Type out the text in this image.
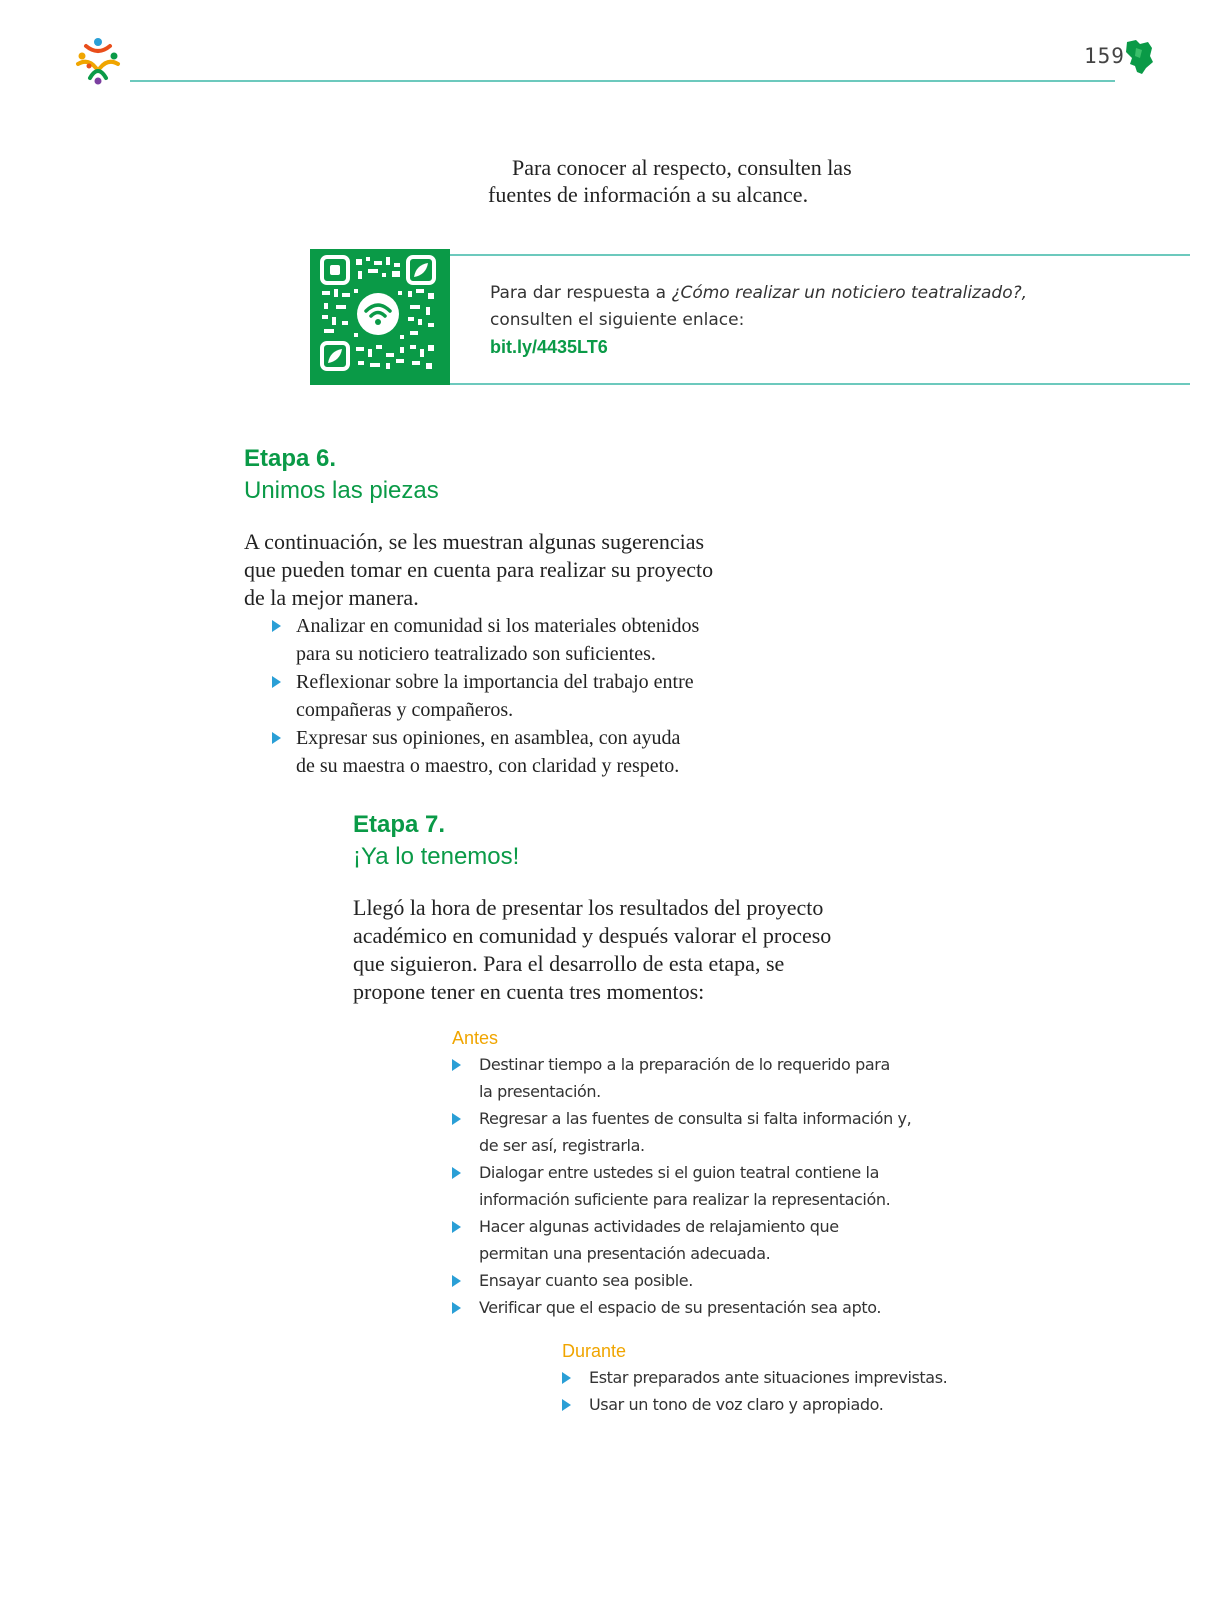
159
Para conocer al respecto, consulten las
fuentes de información a su alcance.
Para dar respuesta a ¿Cómo realizar un noticiero teatralizado?,
consulten el siguiente enlace:
bit.ly/4435LT6
Etapa 6.
Unimos las piezas
A continuación, se les muestran algunas sugerencias
que pueden tomar en cuenta para realizar su proyecto
de la mejor manera.
Analizar en comunidad si los materiales obtenidos
para su noticiero teatralizado son suficientes.
Reflexionar sobre la importancia del trabajo entre
compañeras y compañeros.
Expresar sus opiniones, en asamblea, con ayuda
de su maestra o maestro, con claridad y respeto.
Etapa 7.
¡Ya lo tenemos!
Llegó la hora de presentar los resultados del proyecto
académico en comunidad y después valorar el proceso
que siguieron. Para el desarrollo de esta etapa, se
propone tener en cuenta tres momentos:
Antes
Destinar tiempo a la preparación de lo requerido para
la presentación.
Regresar a las fuentes de consulta si falta información y,
de ser así, registrarla.
Dialogar entre ustedes si el guion teatral contiene la
información suficiente para realizar la representación.
Hacer algunas actividades de relajamiento que
permitan una presentación adecuada.
Ensayar cuanto sea posible.
Verificar que el espacio de su presentación sea apto.
Durante
Estar preparados ante situaciones imprevistas.
Usar un tono de voz claro y apropiado.
